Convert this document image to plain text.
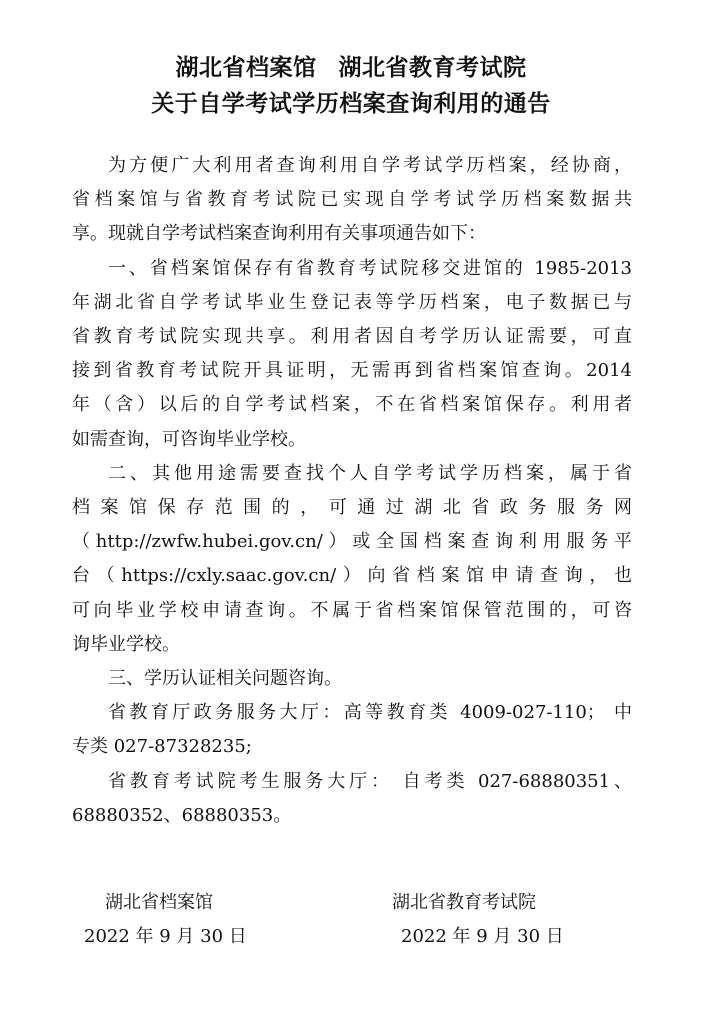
湖北省档案馆 湖北省教育考试院
关于自学考试学历档案查询利用的通告

为方便广大利用者查询利用自学考试学历档案，经协商，
省档案馆与省教育考试院已实现自学考试学历档案数据共
享。现就自学考试档案查询利用有关事项通告如下：

一、省档案馆保存有省教育考试院移交进馆的 1985-2013
年湖北省自学考试毕业生登记表等学历档案，电子数据已与
省教育考试院实现共享。利用者因自考学历认证需要，可直
接到省教育考试院开具证明，无需再到省档案馆查询。2014
年（含）以后的自学考试档案，不在省档案馆保存。利用者
如需查询，可咨询毕业学校。

二、其他用途需要查找个人自学考试学历档案，属于省
档案馆保存范围的，可通过湖北省政务服务网
（http://zwfw.hubei.gov.cn/）或全国档案查询利用服务平
台（https://cxly.saac.gov.cn/）向省档案馆申请查询，也
可向毕业学校申请查询。不属于省档案馆保管范围的，可咨
询毕业学校。

三、学历认证相关问题咨询。

省教育厅政务服务大厅：高等教育类 4009-027-110； 中
专类 027-87328235;

省教育考试院考生服务大厅： 自考类 027-68880351、
68880352、68880353。

湖北省档案馆
2022 年 9 月 30 日
湖北省教育考试院
2022 年 9 月 30 日
